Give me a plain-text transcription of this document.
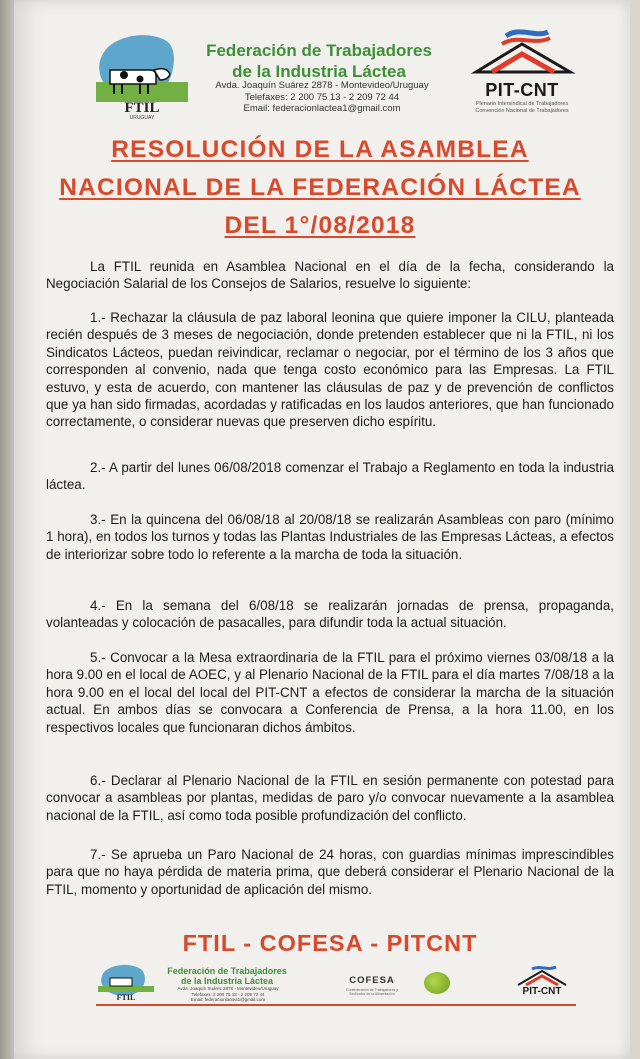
FTIL
URUGUAY
Federación de Trabajadores
de la Industria Láctea
Avda. Joaquín Suárez 2878 - Montevideo/Uruguay
Telefaxes: 2 200 75 13 - 2 209 72 44
Email: federacionlactea1@gmail.com
PIT-CNT
Plenario Intersindical de Trabajadores
Convención Nacional de Trabajadores
RESOLUCIÓN DE LA ASAMBLEA
NACIONAL DE LA FEDERACIÓN LÁCTEA
DEL 1°/08/2018
La FTIL reunida en Asamblea Nacional en el día de la fecha, considerando la Negociación Salarial de los Consejos de Salarios, resuelve lo siguiente:
1.- Rechazar la cláusula de paz laboral leonina que quiere imponer la CILU, planteada recién después de 3 meses de negociación, donde pretenden establecer que ni la FTIL, ni los Sindicatos Lácteos, puedan reivindicar, reclamar o negociar, por el término de los 3 años que corresponden al convenio, nada que tenga costo económico para las Empresas. La FTIL estuvo, y esta de acuerdo, con mantener las cláusulas de paz y de prevención de conflictos que ya han sido firmadas, acordadas y ratificadas en los laudos anteriores, que han funcionado correctamente, o considerar nuevas que preserven dicho espíritu.
2.- A partir del lunes 06/08/2018 comenzar el Trabajo a Reglamento en toda la industria láctea.
3.- En la quincena del 06/08/18 al 20/08/18 se realizarán Asambleas con paro (mínimo 1 hora), en todos los turnos y todas las Plantas Industriales de las Empresas Lácteas, a efectos de interiorizar sobre todo lo referente a la marcha de toda la situación.
4.- En la semana del 6/08/18 se realizarán jornadas de prensa, propaganda, volanteadas y colocación de pasacalles, para difundir toda la actual situación.
5.- Convocar a la Mesa extraordinaria de la FTIL para el próximo viernes 03/08/18 a la hora 9.00 en el local de AOEC, y al Plenario Nacional de la FTIL para el día martes 7/08/18 a la hora 9.00 en el local del local del PIT-CNT a efectos de considerar la marcha de la situación actual. En ambos días se convocara a Conferencia de Prensa, a la hora 11.00, en los respectivos locales que funcionaran dichos ámbitos.
6.- Declarar al Plenario Nacional de la FTIL en sesión permanente con potestad para convocar a asambleas por plantas, medidas de paro y/o convocar nuevamente a la asamblea nacional de la FTIL, así como toda posible profundización del conflicto.
7.- Se aprueba un Paro Nacional de 24 horas, con guardias mínimas imprescindibles para que no haya pérdida de materia prima, que deberá considerar el Plenario Nacional de la FTIL, momento y oportunidad de aplicación del mismo.
FTIL - COFESA - PITCNT
FTIL
Federación de Trabajadores
de la Industria Láctea
Avda. Joaquín Suárez 2878 - Montevideo/Uruguay
Telefaxes: 2 200 75 13 - 2 209 72 44
Email: federacionlactea1@gmail.com
COFESA
Confederación de Trabajadores y Sindicatos de la Alimentación	PIT-CNT
